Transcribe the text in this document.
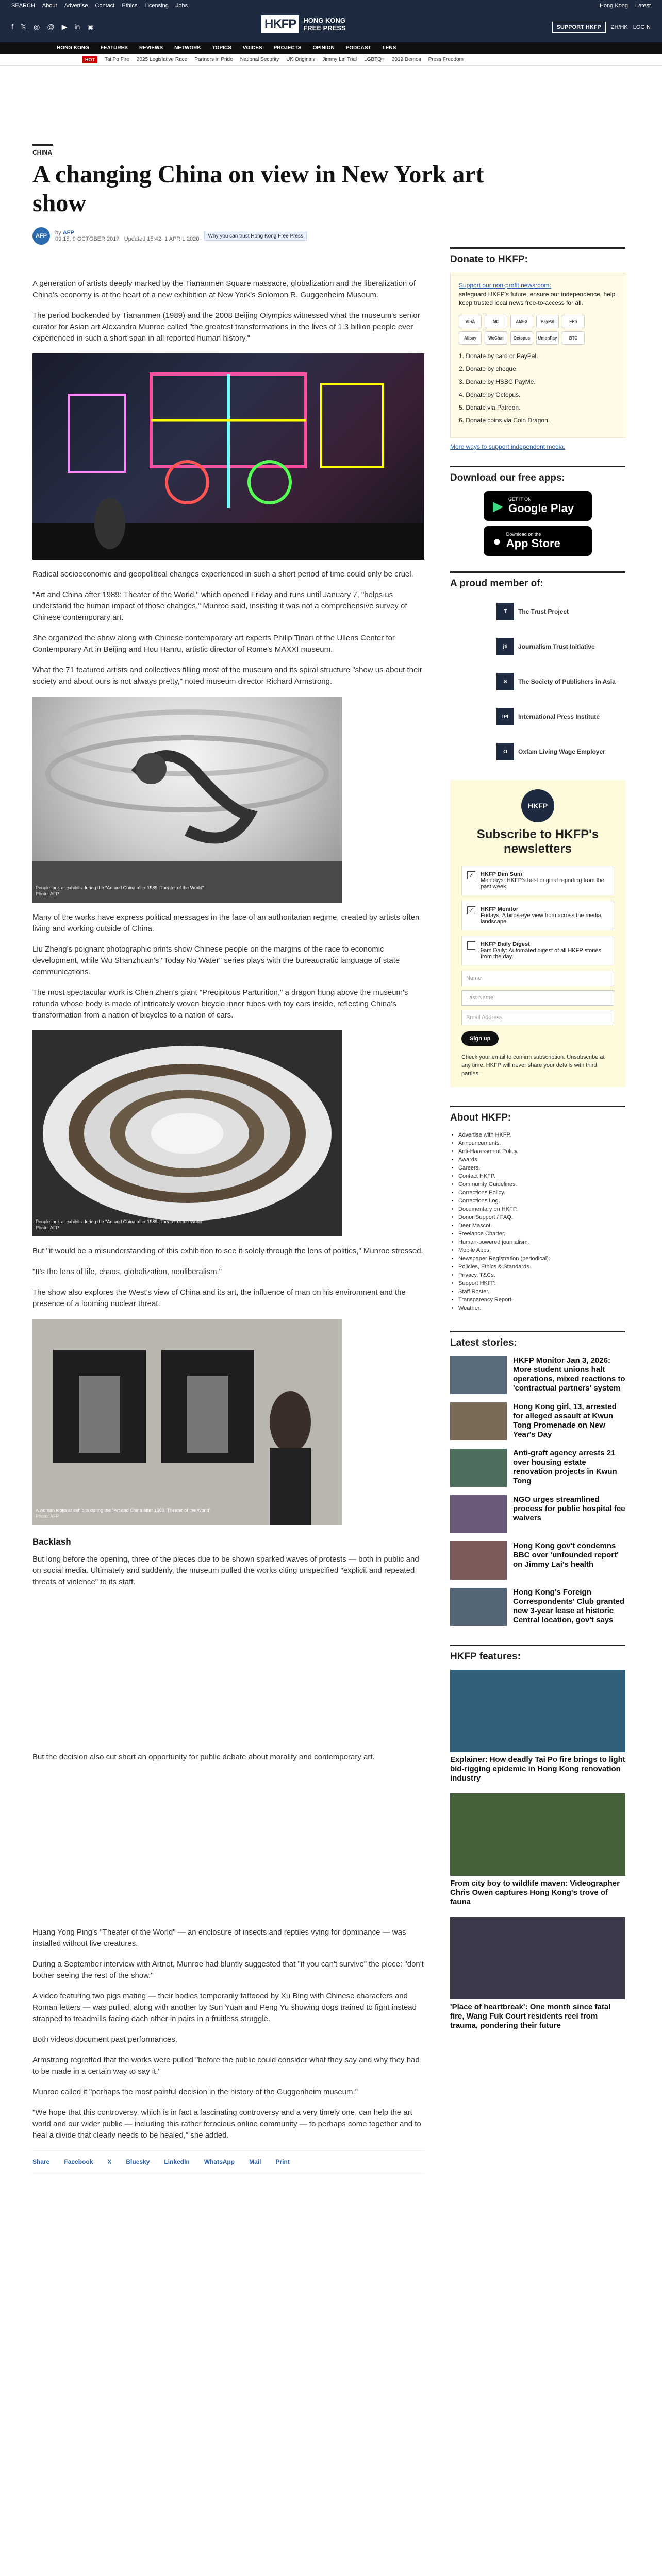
SEARCH About Advertise Contact Ethics Licensing Jobs	Hong Kong Latest
f 𝕏 ◎ @ ▶ in ◉	HKFP	HONG KONG
FREE PRESS	SUPPORT HKFP	ZH/HK LOGIN
HONG KONG FEATURES REVIEWS NETWORK TOPICS VOICES PROJECTS OPINION PODCAST LENS
HOT	Tai Po Fire 2025 Legislative Race Partners in Pride National Security UK Originals Jimmy Lai Trial LGBTQ+ 2019 Demos Press Freedom
CHINA
A changing China on view in New York art show
AFP	by AFP
09:15, 9 OCTOBER 2017 Updated 15:42, 1 APRIL 2020	Why you can trust Hong Kong Free Press

A generation of artists deeply marked by the Tiananmen Square massacre, globalization and the liberalization of China's economy is at the heart of a new exhibition at New York's Solomon R. Guggenheim Museum.

The period bookended by Tiananmen (1989) and the 2008 Beijing Olympics witnessed what the museum's senior curator for Asian art Alexandra Munroe called "the greatest transformations in the lives of 1.3 billion people ever experienced in such a short span in all reported human history."

Radical socioeconomic and geopolitical changes experienced in such a short period of time could only be cruel.

"Art and China after 1989: Theater of the World," which opened Friday and runs until January 7, "helps us understand the human impact of those changes," Munroe said, insisting it was not a comprehensive survey of Chinese contemporary art.

She organized the show along with Chinese contemporary art experts Philip Tinari of the Ullens Center for Contemporary Art in Beijing and Hou Hanru, artistic director of Rome's MAXXI museum.

What the 71 featured artists and collectives filling most of the museum and its spiral structure "show us about their society and about ours is not always pretty," noted museum director Richard Armstrong.

People look at exhibits during the "Art and China after 1989: Theater of the World"
Photo: AFP

Many of the works have express political messages in the face of an authoritarian regime, created by artists often living and working outside of China.

Liu Zheng's poignant photographic prints show Chinese people on the margins of the race to economic development, while Wu Shanzhuan's "Today No Water" series plays with the bureaucratic language of state communications.

The most spectacular work is Chen Zhen's giant "Precipitous Parturition," a dragon hung above the museum's rotunda whose body is made of intricately woven bicycle inner tubes with toy cars inside, reflecting China's transformation from a nation of bicycles to a nation of cars.

People look at exhibits during the "Art and China after 1989: Theater of the World"
Photo: AFP

But "it would be a misunderstanding of this exhibition to see it solely through the lens of politics," Munroe stressed.

"It's the lens of life, chaos, globalization, neoliberalism."

The show also explores the West's view of China and its art, the influence of man on his environment and the presence of a looming nuclear threat.

A woman looks at exhibits during the "Art and China after 1989: Theater of the World"
Photo: AFP
Backlash

But long before the opening, three of the pieces due to be shown sparked waves of protests — both in public and on social media. Ultimately and suddenly, the museum pulled the works citing unspecified "explicit and repeated threats of violence" to its staff.

But the decision also cut short an opportunity for public debate about morality and contemporary art.

Huang Yong Ping's "Theater of the World" — an enclosure of insects and reptiles vying for dominance — was installed without live creatures.

During a September interview with Artnet, Munroe had bluntly suggested that "if you can't survive" the piece: "don't bother seeing the rest of the show."

A video featuring two pigs mating — their bodies temporarily tattooed by Xu Bing with Chinese characters and Roman letters — was pulled, along with another by Sun Yuan and Peng Yu showing dogs trained to fight instead strapped to treadmills facing each other in pairs in a fruitless struggle.

Both videos document past performances.

Armstrong regretted that the works were pulled "before the public could consider what they say and why they had to be made in a certain way to say it."

Munroe called it "perhaps the most painful decision in the history of the Guggenheim museum."

"We hope that this controversy, which is in fact a fascinating controversy and a very timely one, can help the art world and our wider public — including this rather ferocious online community — to perhaps come together and to heal a divide that clearly needs to be healed," she added.

Share Facebook X Bluesky LinkedIn WhatsApp Mail Print
Donate to HKFP:
Support our non-profit newsroom:
safeguard HKFP's future, ensure our independence, help keep trusted local news free-to-access for all.
VISA	MC	AMEX	PayPal	FPS
Alipay	WeChat	Octopus	UnionPay	BTC
1. Donate by card or PayPal.
2. Donate by cheque.
3. Donate by HSBC PayMe.
4. Donate by Octopus.
5. Donate via Patreon.
6. Donate coins via Coin Dragon.
More ways to support independent media.
Download our free apps:
▶ GET IT ON
Google Play
● Download on the
App Store
A proud member of:
T	The Trust Project
jti	Journalism Trust Initiative
S	The Society of Publishers in Asia
IPI	International Press Institute
O	Oxfam Living Wage Employer
HKFP
Subscribe to HKFP's newsletters
✓ HKFP Dim Sum
Mondays: HKFP's best original reporting from the past week.
✓ HKFP Monitor
Fridays: A birds-eye view from across the media landscape.
HKFP Daily Digest
9am Daily: Automated digest of all HKFP stories from the day.
Name
Last Name
Email Address
Sign up
Check your email to confirm subscription. Unsubscribe at any time. HKFP will never share your details with third parties.
About HKFP:
• Advertise with HKFP.
• Announcements.
• Anti-Harassment Policy.
• Awards.
• Careers.
• Contact HKFP.
• Community Guidelines.
• Corrections Policy.
• Corrections Log.
• Documentary on HKFP.
• Donor Support / FAQ.
• Deer Mascot.
• Freelance Charter.
• Human-powered journalism.
• Mobile Apps.
• Newspaper Registration (periodical).
• Policies, Ethics & Standards.
• Privacy, T&Cs.
• Support HKFP.
• Staff Roster.
• Transparency Report.
• Weather.
Latest stories:
HKFP Monitor Jan 3, 2026: More student unions halt operations, mixed reactions to 'contractual partners' system
Hong Kong girl, 13, arrested for alleged assault at Kwun Tong Promenade on New Year's Day
Anti-graft agency arrests 21 over housing estate renovation projects in Kwun Tong
NGO urges streamlined process for public hospital fee waivers
Hong Kong gov't condemns BBC over 'unfounded report' on Jimmy Lai's health
Hong Kong's Foreign Correspondents' Club granted new 3-year lease at historic Central location, gov't says
HKFP features:
Explainer: How deadly Tai Po fire brings to light bid-rigging epidemic in Hong Kong renovation industry
From city boy to wildlife maven: Videographer Chris Owen captures Hong Kong's trove of fauna
'Place of heartbreak': One month since fatal fire, Wang Fuk Court residents reel from trauma, pondering their future
